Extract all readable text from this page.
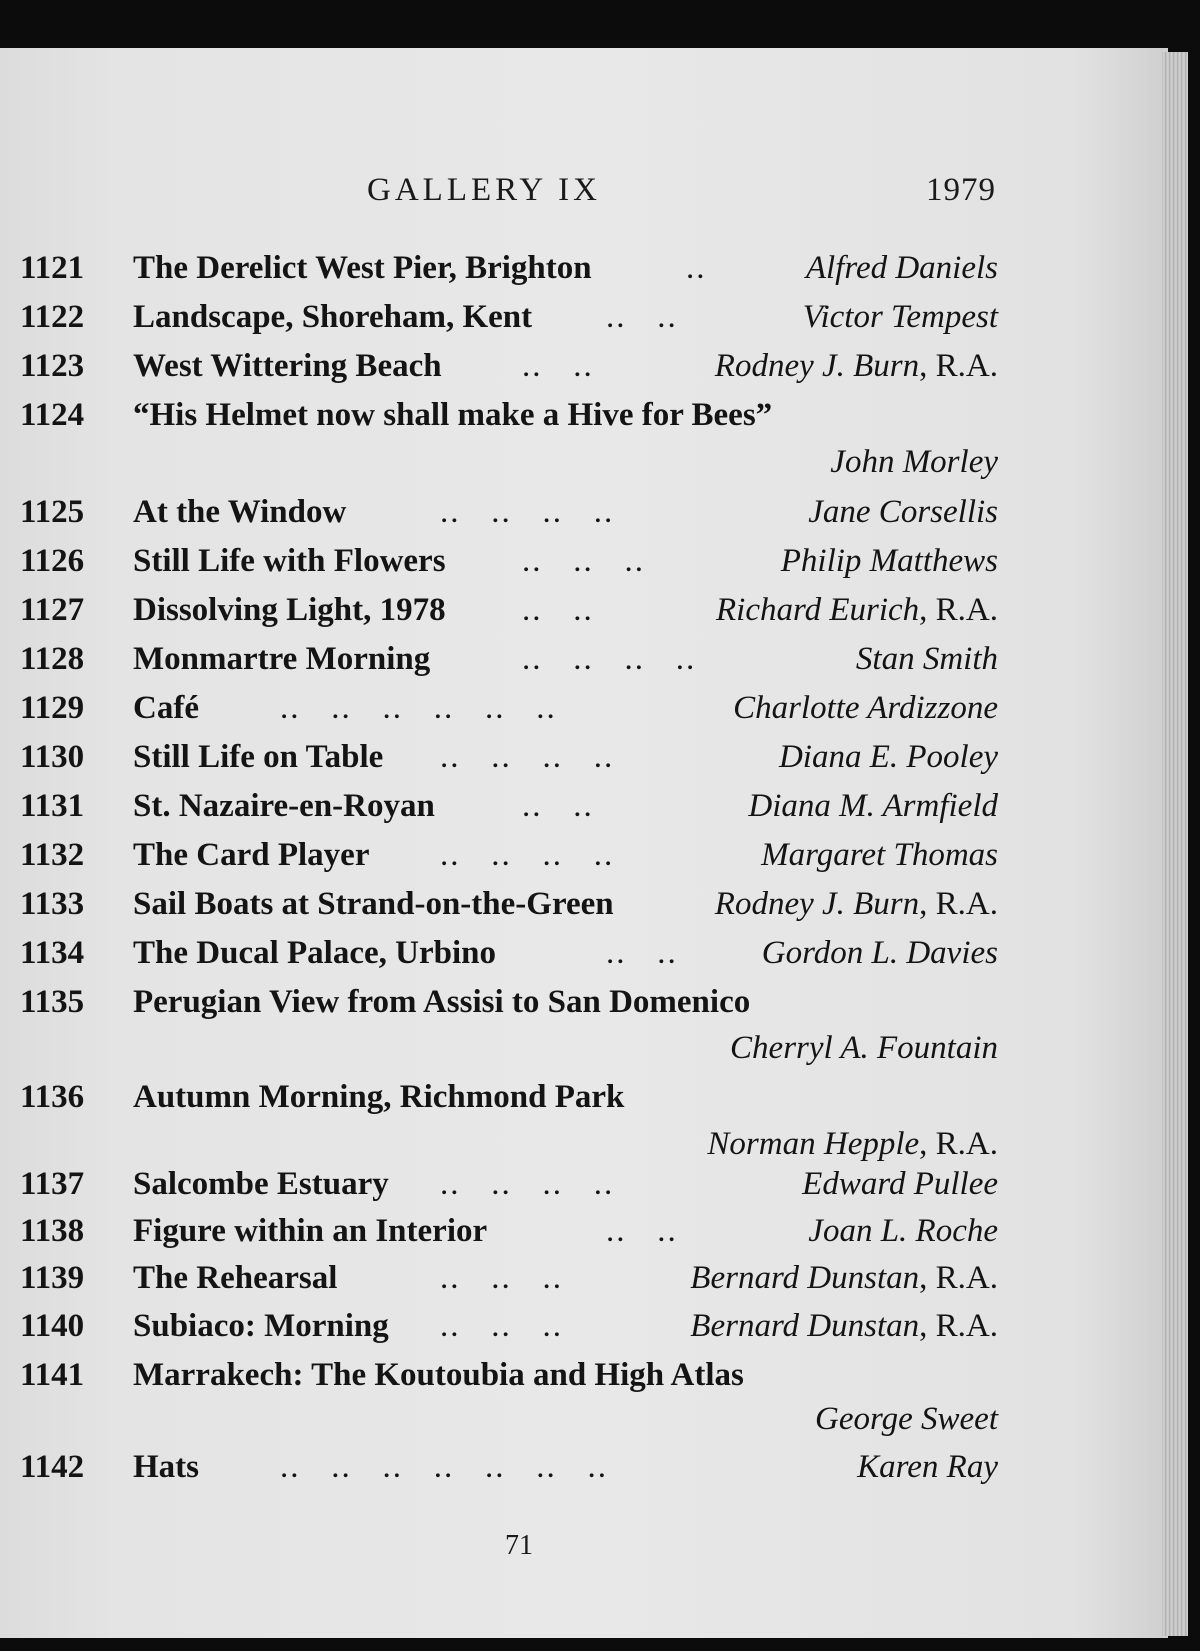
GALLERY IX	1979
1121 The Derelict West Pier, Brighton	..	Alfred Daniels
1122 Landscape, Shoreham, Kent ..   ..	Victor Tempest
1123 West Wittering Beach ..   ..	Rodney J. Burn, R.A.
1124 “His Helmet now shall make a Hive for Bees”
John Morley
1125 At the Window	..   ..   ..   ..	Jane Corsellis
1126 Still Life with Flowers ..   ..   ..	Philip Matthews
1127 Dissolving Light, 1978 ..   ..	Richard Eurich, R.A.
1128 Monmartre Morning	..   ..   ..   ..	Stan Smith
1129 Café ..   ..   ..   ..   ..   ..	Charlotte Ardizzone
1130 Still Life on Table ..   ..   ..   ..	Diana E. Pooley
1131 St. Nazaire-en-Royan	..   ..	Diana M. Armfield
1132 The Card Player ..   ..   ..   ..	Margaret Thomas
1133 Sail Boats at Strand-on-the-Green	Rodney J. Burn, R.A.
1134 The Ducal Palace, Urbino	..   ..	Gordon L. Davies
1135 Perugian View from Assisi to San Domenico
Cherryl A. Fountain
1136 Autumn Morning, Richmond Park
Norman Hepple, R.A.
1137 Salcombe Estuary ..   ..   ..   ..	Edward Pullee
1138 Figure within an Interior	..   ..	Joan L. Roche
1139 The Rehearsal	..   ..   ..	Bernard Dunstan, R.A.
1140 Subiaco: Morning ..   ..   ..	Bernard Dunstan, R.A.
1141 Marrakech: The Koutoubia and High Atlas
George Sweet
1142 Hats ..   ..   ..   ..   ..   ..   ..	Karen Ray
71
